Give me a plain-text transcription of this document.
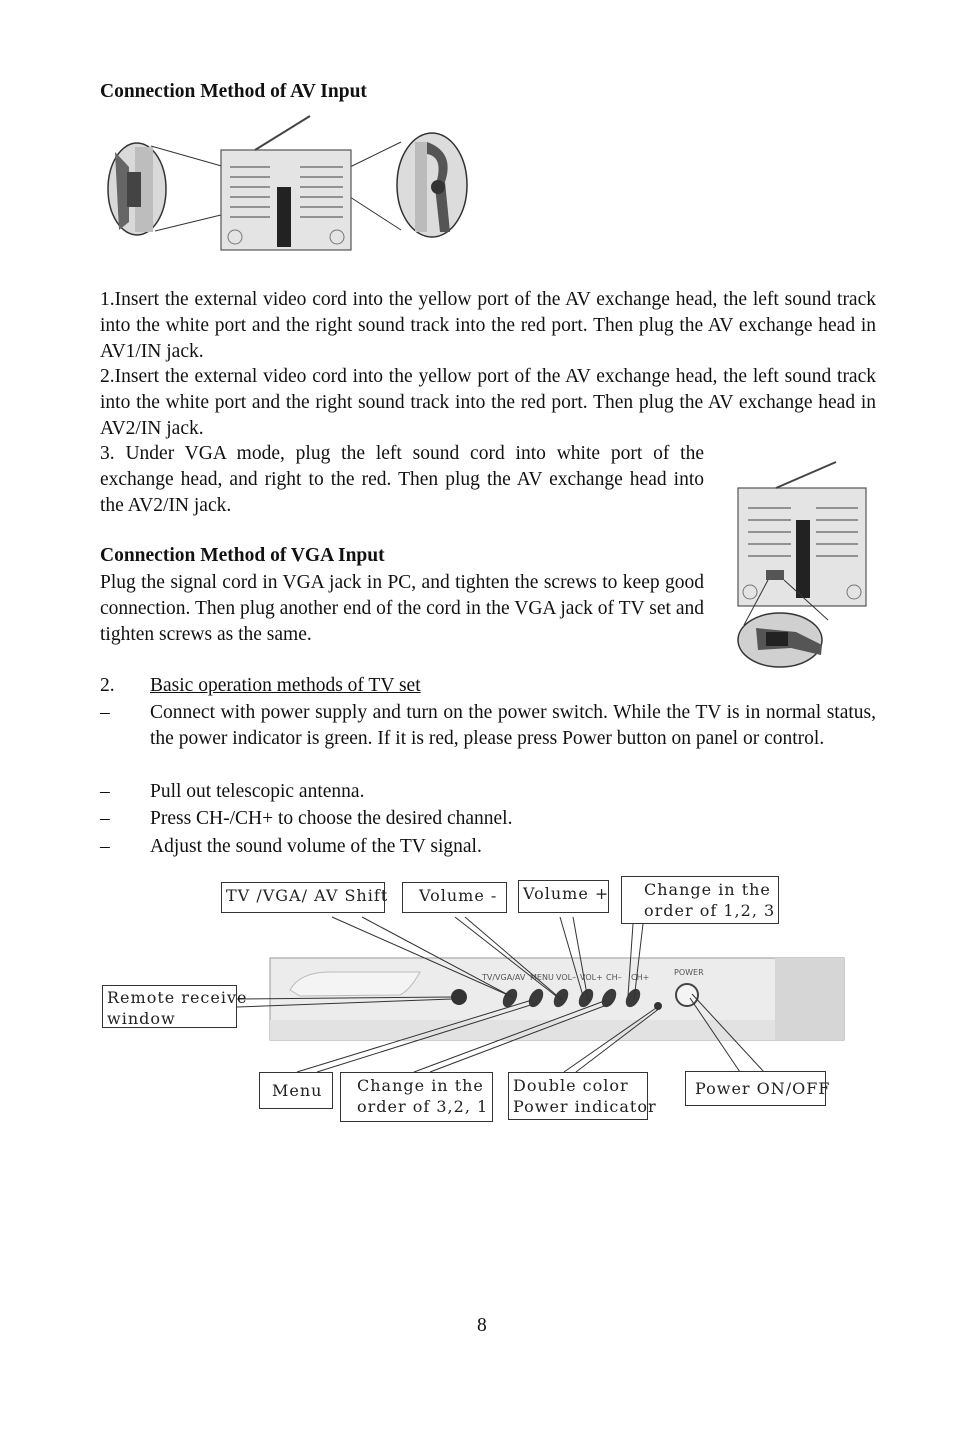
Connection Method of AV Input
1.Insert the external video cord into the yellow port of the AV exchange head, the left sound track into the white port and the right sound track into the red port. Then plug the AV exchange head in AV1/IN jack.
2.Insert the external video cord into the yellow port of the AV exchange head, the left sound track into the white port and the right sound track into the red port. Then plug the AV exchange head in AV2/IN jack.
3. Under VGA mode, plug the left sound cord into white port of the exchange head, and right to the red. Then plug the AV exchange head into the AV2/IN jack.
Connection Method of VGA Input
Plug the signal cord in VGA jack in PC, and tighten the screws to keep good connection. Then plug another end of the cord in the VGA jack of TV set and tighten screws as the same.
2. Basic operation methods of TV set
– Connect with power supply and turn on the power switch. While the TV is in normal status, the power indicator is green. If it is red, please press Power button on panel or control.
– Pull out telescopic antenna.
– Press CH-/CH+ to choose the desired channel.
– Adjust the sound volume of the TV signal.
TV/VGA/AV MENU VOL– VOL+ CH– CH+
POWER
TV /VGA/ AV Shift	Volume -	Volume + Change in the
order of 1,2, 3
Remote receive
window
Menu	Change in the
order of 3,2, 1
Double color
Power indicator
Power ON/OFF
8
